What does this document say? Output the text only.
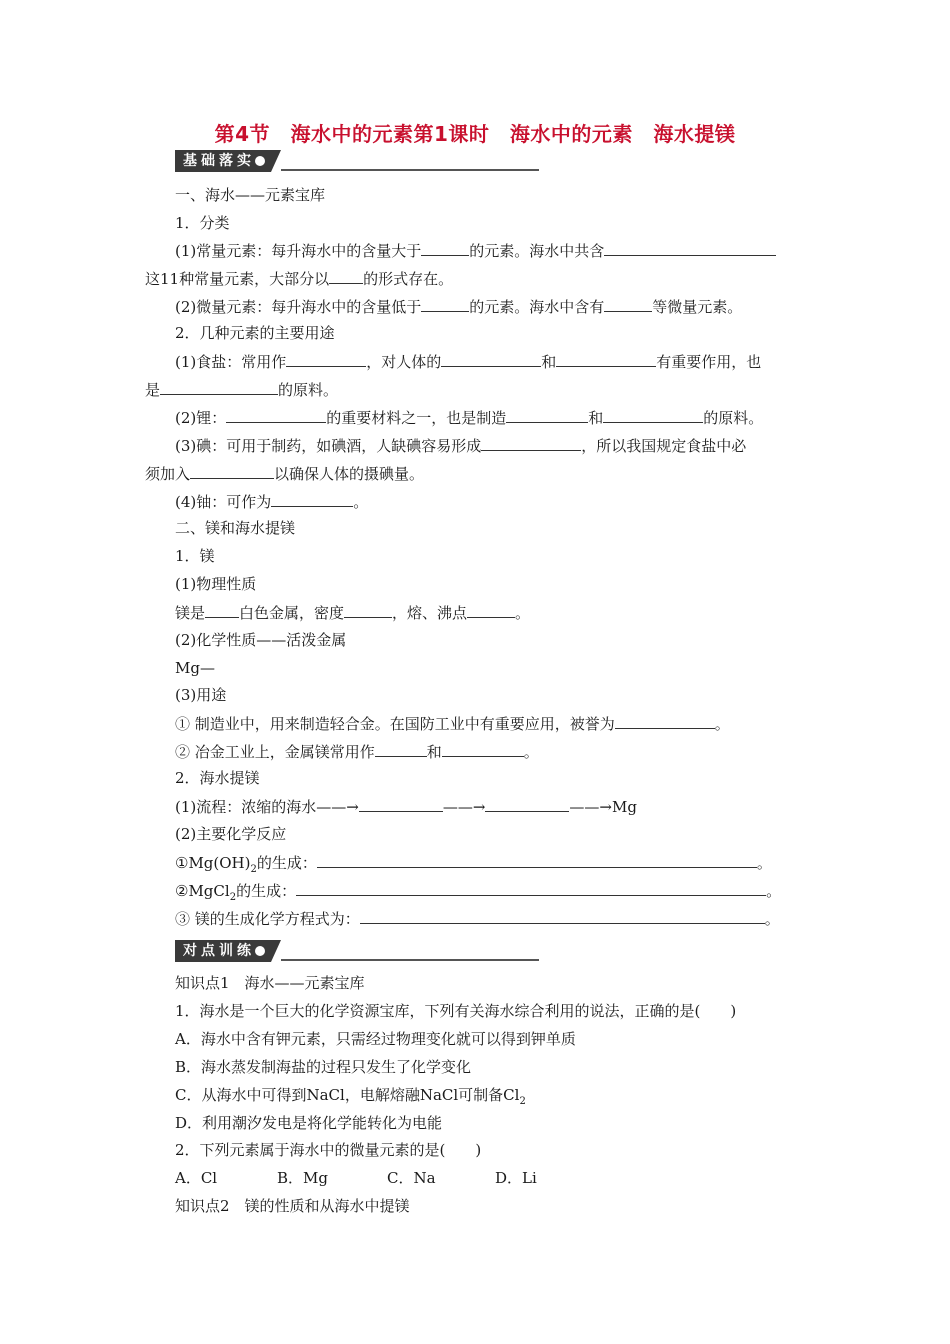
第4节　海水中的元素第1课时　海水中的元素　海水提镁
基础落实
一、海水——元素宝库
1．分类
(1)常量元素：每升海水中的含量大于	的元素。海水中共含
这11种常量元素，大部分以 的形式存在。
(2)微量元素：每升海水中的含量低于	的元素。海水中含有	等微量元素。
2．几种元素的主要用途
(1)食盐：常用作	，对人体的	和	有重要作用，也
是	的原料。
(2)锂：	的重要材料之一，也是制造	和	的原料。
(3)碘：可用于制药，如碘酒，人缺碘容易形成	，所以我国规定食盐中必
须加入	以确保人体的摄碘量。
(4)铀：可作为	。
二、镁和海水提镁
1．镁
(1)物理性质
镁是 白色金属，密度	，熔、沸点	。
(2)化学性质——活泼金属
Mg—
(3)用途
① 制造业中，用来制造轻合金。在国防工业中有重要应用，被誉为	。
② 冶金工业上，金属镁常用作	和	。
2．海水提镁
(1)流程：浓缩的海水——→	——→	——→Mg
(2)主要化学反应
$①Mg(OH)_2$的生成：	。
②MgCl$_2$的生成：	。
③ 镁的生成化学方程式为：	。
对点训练
知识点1　海水——元素宝库
1．海水是一个巨大的化学资源宝库，下列有关海水综合利用的说法，正确的是(　　)
A．海水中含有钾元素，只需经过物理变化就可以得到钾单质
B．海水蒸发制海盐的过程只发生了化学变化
C．从海水中可得到NaCl，电解熔融NaCl可制备$Cl_2$
D．利用潮汐发电是将化学能转化为电能
2．下列元素属于海水中的微量元素的是(　　)
A．Cl	B．Mg	C．Na	D．Li
知识点2　镁的性质和从海水中提镁
